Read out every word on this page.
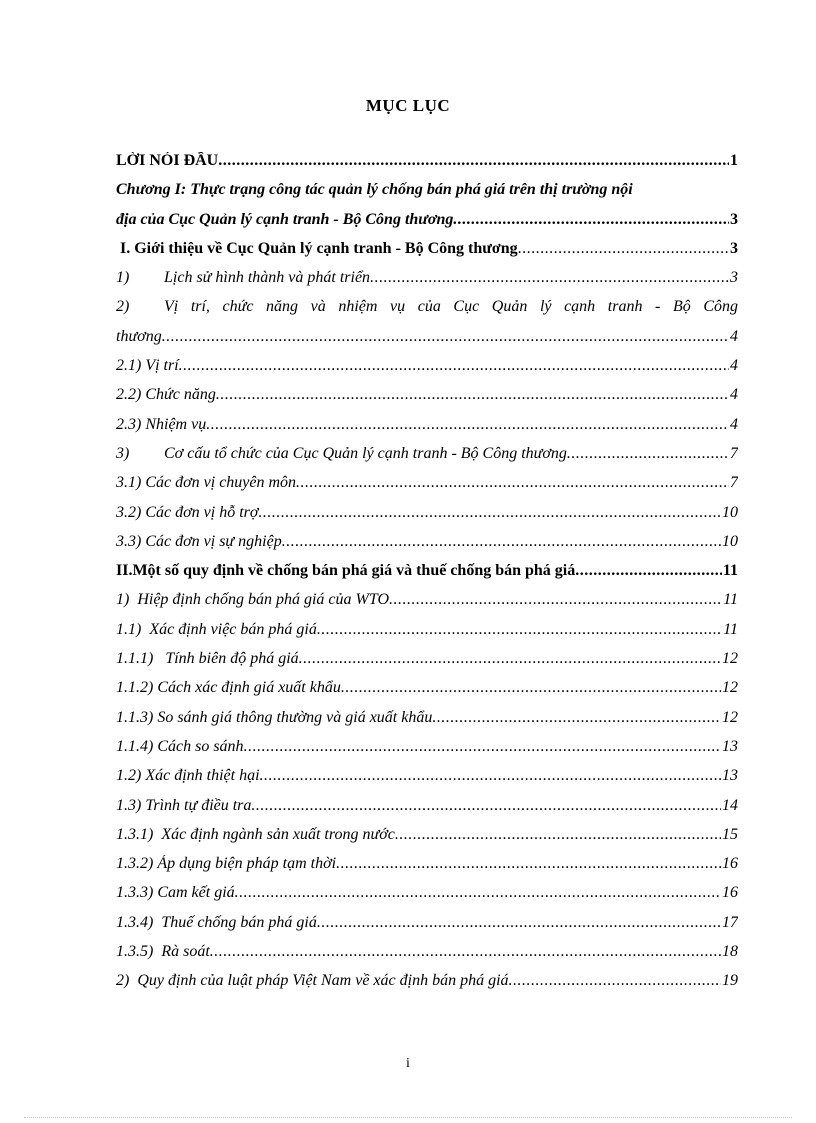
MỤC LỤC
LỜI NÓI ĐẦU .....	1
Chương I: Thực trạng công tác quản lý chống bán phá giá trên thị trường nội
địa của Cục Quản lý cạnh tranh - Bộ Công thương .....	3
I. Giới thiệu về Cục Quản lý cạnh tranh - Bộ Công thương .....	3
1)	Lịch sử hình thành và phát triển .....	3
2)	Vị trí, chức năng và nhiệm vụ của Cục Quản lý cạnh tranh - Bộ Công
thương .....	4
2.1) Vị trí .....	4
2.2) Chức năng .....	4
2.3) Nhiệm vụ .....	4
3)	Cơ cấu tổ chức của Cục Quản lý cạnh tranh - Bộ Công thương .....	7
3.1) Các đơn vị chuyên môn .....	7
3.2) Các đơn vị hỗ trợ .....	10
3.3) Các đơn vị sự nghiệp .....	10
II.Một số quy định về chống bán phá giá và thuế chống bán phá giá .....	11
1)  Hiệp định chống bán phá giá của WTO .....	11
1.1)  Xác định việc bán phá giá .....	11
1.1.1)   Tính biên độ phá giá .....	12
1.1.2) Cách xác định giá xuất khẩu .....	12
1.1.3) So sánh giá thông thường và giá xuất khẩu .....	12
1.1.4) Cách so sánh .....	13
1.2) Xác định thiệt hại .....	13
1.3) Trình tự điều tra .....	14
1.3.1)  Xác định ngành sản xuất trong nước .....	15
1.3.2) Áp dụng biện pháp tạm thời .....	16
1.3.3) Cam kết giá .....	16
1.3.4)  Thuế chống bán phá giá .....	17
1.3.5)  Rà soát .....	18
2)  Quy định của luật pháp Việt Nam về xác định bán phá giá .....	19
i
